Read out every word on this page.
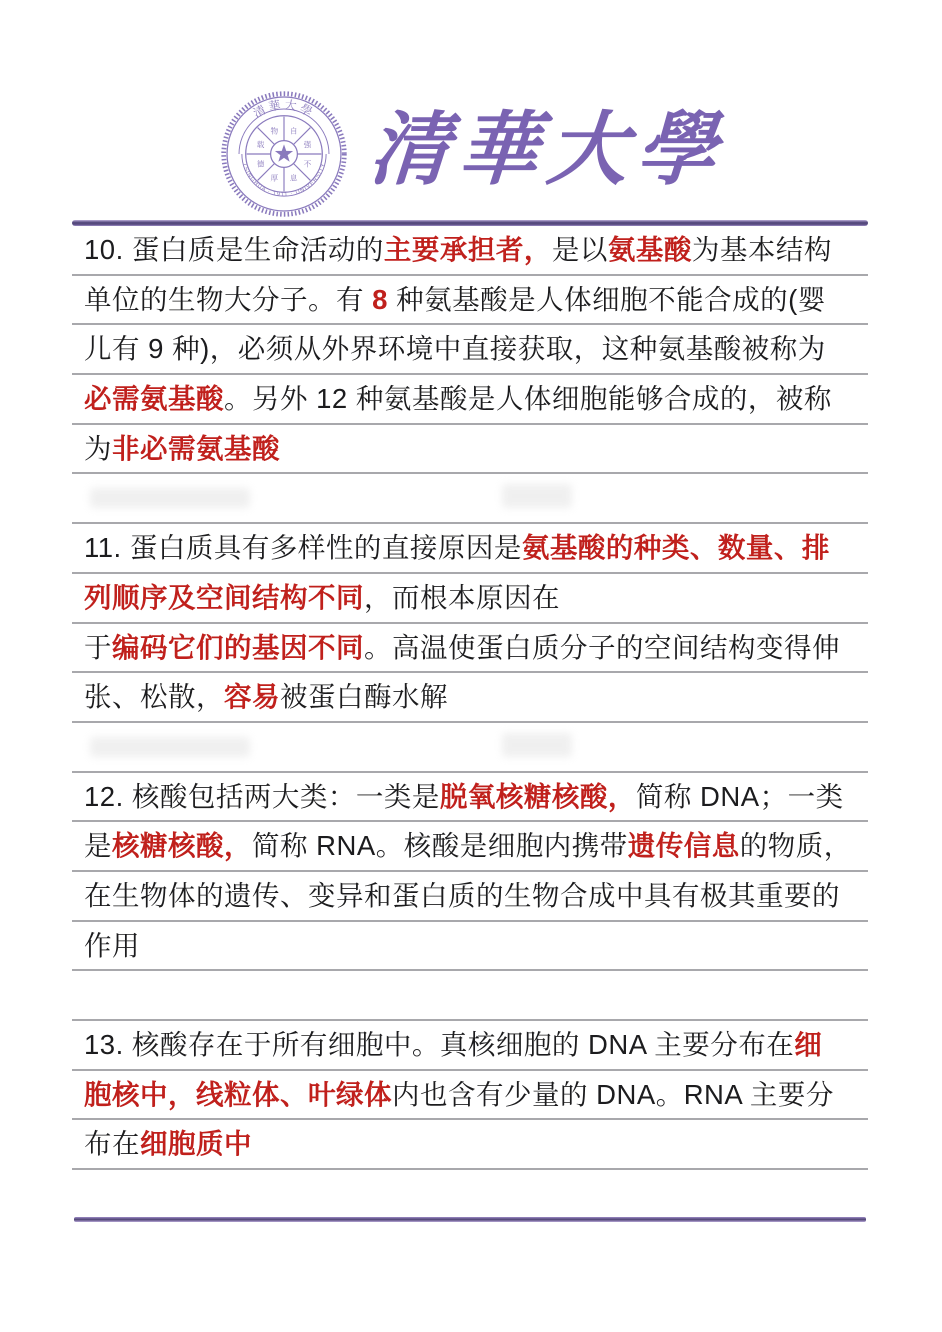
清華大學
TSINGHUA · 1911 · UNIVERSITY
自
强
不
息
厚
德
载
物 清華大學
10. 蛋白质是生命活动的主要承担者，是以氨基酸为基本结构
单位的生物大分子。有 8 种氨基酸是人体细胞不能合成的(婴
儿有 9 种)，必须从外界环境中直接获取，这种氨基酸被称为
必需氨基酸。另外 12 种氨基酸是人体细胞能够合成的，被称
为非必需氨基酸
11. 蛋白质具有多样性的直接原因是氨基酸的种类、数量、排
列顺序及空间结构不同，而根本原因在
于编码它们的基因不同。高温使蛋白质分子的空间结构变得伸
张、松散，容易被蛋白酶水解
12. 核酸包括两大类：一类是脱氧核糖核酸，简称 DNA；一类
是核糖核酸，简称 RNA。核酸是细胞内携带遗传信息的物质，
在生物体的遗传、变异和蛋白质的生物合成中具有极其重要的
作用
13. 核酸存在于所有细胞中。真核细胞的 DNA 主要分布在细
胞核中，线粒体、叶绿体内也含有少量的 DNA。RNA 主要分
布在细胞质中
